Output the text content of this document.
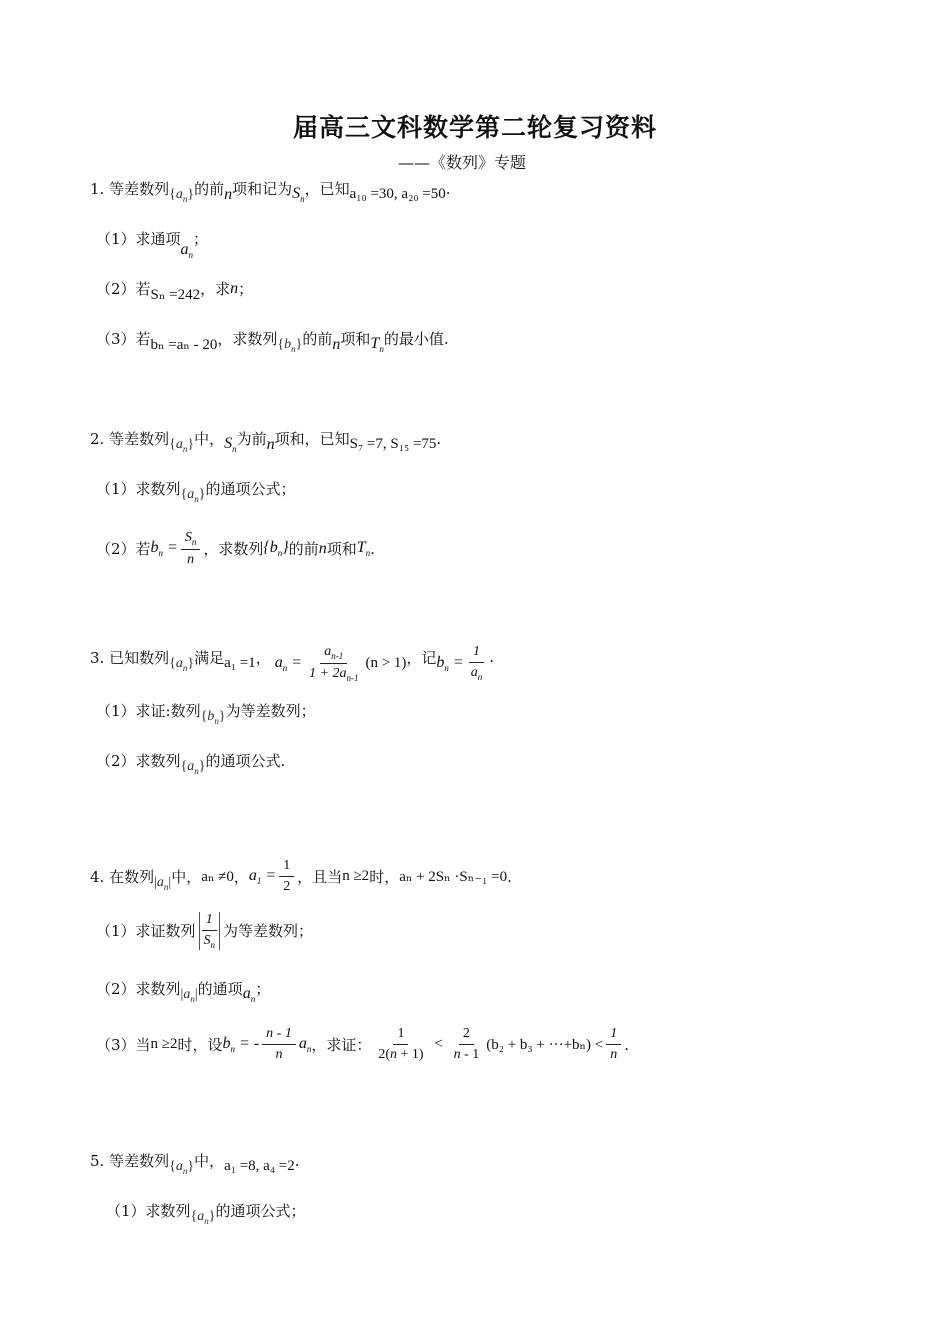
届高三文科数学第二轮复习资料
——《数列》专题
1. 等差数列 $\{a_n\}$ 的前 n 项和记为 $S_n$
，已知 a₁₀ =30, a₂₀ =50 .
（1）求通项
$a_n$
；
（2）若 Sₙ =242 ，求 n ；
（3）若 bₙ =aₙ - 20 ，求数列 $\{b_n\}$ 的前 n 项和 $T_n$
的最小值.
2. 等差数列 $\{a_n\}$ 中， $S_n$
为前 n 项和，已知 S₇ =7, S₁₅ =75 .
（1）求数列 $\{a_n\}$ 的通项公式；
（2）若 $b_n = \frac{S_n}{n}$ ，求数列 $\{b_n\}$ 的前 n 项和 $T_n$ .
3. 已知数列 $\{a_n\}$ 满足 a₁ =1 ， $a_n = \frac{a_{n-1}}{1 + 2a_{n-1}} (n > 1)$ ，记 $b_n = \frac{1}{a_n}$ .
（1）求证:数列 $\{b_n\}$ 为等差数列；
（2）求数列 $\{a_n\}$ 的通项公式.
4. 在数列 $|a_n|$ 中， aₙ ≠0 ， $a_1 = \frac{1}{2}$ ，且当 n ≥2 时， aₙ + 2Sₙ ·Sₙ₋₁ =0 .
（1）求证数列 $\frac{1}{S_n}$ 为等差数列；
（2）求数列 $|a_n|$ 的通项 $a_n$
；
（3）当 n ≥2 时，设 $b_n$ = - $\frac{n - 1}{n} a_n$ ，求证： $\frac{1}{2(n + 1)} < \frac{2}{n - 1} (b_2 + b_3 + \cdot\cdot\cdot+b_n) < \frac{1}{n}$ .
5. 等差数列 $\{a_n\}$ 中， a₁ =8, a₄ =2 .
（1）求数列 $\{a_n\}$ 的通项公式；
